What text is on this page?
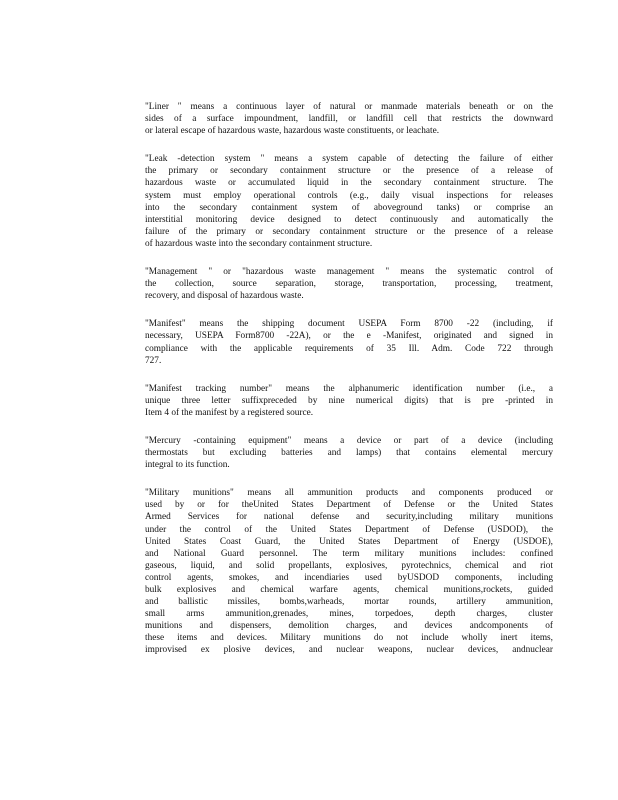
"Liner " means a continuous layer of natural or manmade materials beneath or on the
sides of a surface impoundment, landfill, or landfill cell that restricts the downward
or lateral escape of hazardous waste, hazardous waste constituents, or leachate.
"Leak -detection system " means a system capable of detecting the failure of either
the primary or secondary containment structure or the presence of a release of
hazardous waste or accumulated liquid in the secondary containment structure. The
system must employ operational controls (e.g., daily visual inspections for releases
into the secondary containment system of aboveground tanks) or comprise an
interstitial monitoring device designed to detect continuously and automatically the
failure of the primary or secondary containment structure or the presence of a release
of hazardous waste into the secondary containment structure.
"Management " or "hazardous waste management " means the systematic control of
the collection, source separation, storage, transportation, processing, treatment,
recovery, and disposal of hazardous waste.
"Manifest" means the shipping document USEPA Form 8700 -22 (including, if
necessary, USEPA Form8700 -22A), or the e -Manifest, originated and signed in
compliance with the applicable requirements of 35 Ill. Adm. Code 722 through
727.
"Manifest tracking number" means the alphanumeric identification number (i.e., a
unique three letter suffixpreceded by nine numerical digits) that is pre -printed in
Item 4 of the manifest by a registered source.
"Mercury -containing equipment" means a device or part of a device (including
thermostats but excluding batteries and lamps) that contains elemental mercury
integral to its function.
"Military munitions" means all ammunition products and components produced or
used by or for theUnited States Department of Defense or the United States
Armed Services for national defense and security,including military munitions
under the control of the United States Department of Defense (USDOD), the
United States Coast Guard, the United States Department of Energy (USDOE),
and National Guard personnel. The term military munitions includes: confined
gaseous, liquid, and solid propellants, explosives, pyrotechnics, chemical and riot
control agents, smokes, and incendiaries used byUSDOD components, including
bulk explosives and chemical warfare agents, chemical munitions,rockets, guided
and ballistic missiles, bombs,warheads, mortar rounds, artillery ammunition,
small arms ammunition,grenades, mines, torpedoes, depth charges, cluster
munitions and dispensers, demolition charges, and devices andcomponents of
these items and devices. Military munitions do not include wholly inert items,
improvised ex plosive devices, and nuclear weapons, nuclear devices, andnuclear
